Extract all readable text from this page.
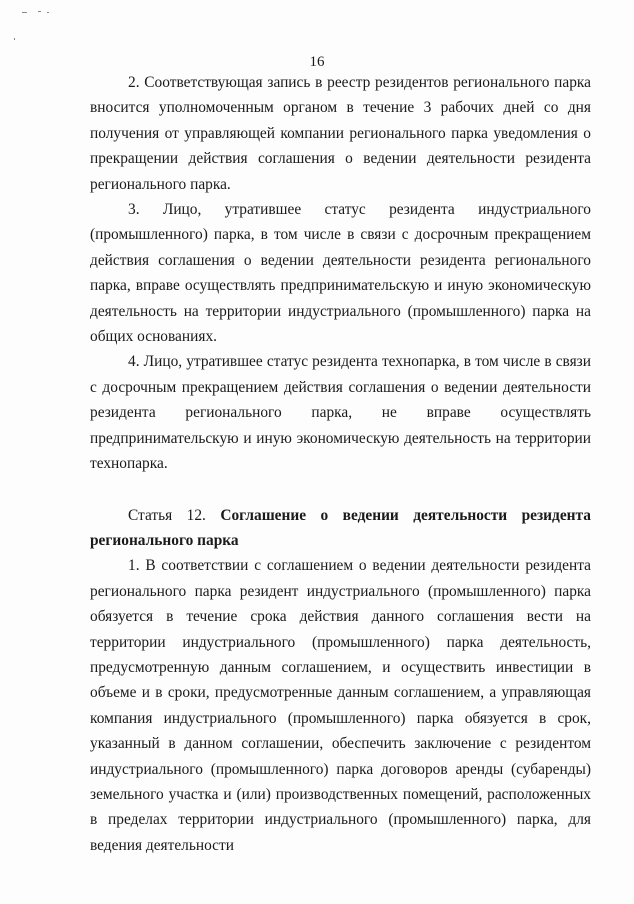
16

2. Соответствующая запись в реестр резидентов регионального парка вносится уполномоченным органом в течение 3 рабочих дней со дня получения от управляющей компании регионального парка уведомления о прекращении действия соглашения о ведении деятельности резидента регионального парка.

3. Лицо, утратившее статус резидента индустриального (промышленного) парка, в том числе в связи с досрочным прекращением действия соглашения о ведении деятельности резидента регионального парка, вправе осуществлять предпринимательскую и иную экономическую деятельность на территории индустриального (промышленного) парка на общих основаниях.

4. Лицо, утратившее статус резидента технопарка, в том числе в связи с досрочным прекращением действия соглашения о ведении деятельности резидента регионального парка, не вправе осуществлять предпринимательскую и иную экономическую деятельность на территории технопарка.

Статья 12. Соглашение о ведении деятельности резидента регионального парка

1. В соответствии с соглашением о ведении деятельности резидента регионального парка резидент индустриального (промышленного) парка обязуется в течение срока действия данного соглашения вести на территории индустриального (промышленного) парка деятельность, предусмотренную данным соглашением, и осуществить инвестиции в объеме и в сроки, предусмотренные данным соглашением, а управляющая компания индустриального (промышленного) парка обязуется в срок, указанный в данном соглашении, обеспечить заключение с резидентом индустриального (промышленного) парка договоров аренды (субаренды) земельного участка и (или) производственных помещений, расположенных в пределах территории индустриального (промышленного) парка, для ведения деятельности
